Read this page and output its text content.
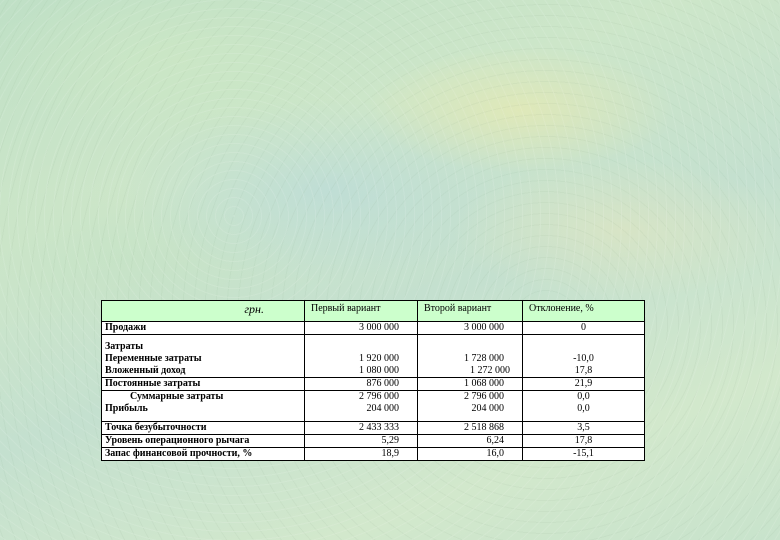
грн.	Первый вариант	Второй вариант	Отклонение, %
Продажи	3 000 000	3 000 000	0

Затраты			
Переменные затраты	1 920 000	1 728 000	-10,0
Вложенный доход	1 080 000	1 272 000	17,8
Постоянные затраты	876 000	1 068 000	21,9
Суммарные затраты	2 796 000	2 796 000	0,0
Прибыль	204 000	204 000	0,0

Точка безубыточности	2 433 333	2 518 868	3,5
Уровень операционного рычага	5,29	6,24	17,8
Запас финансовой прочности, %	18,9	16,0	-15,1
